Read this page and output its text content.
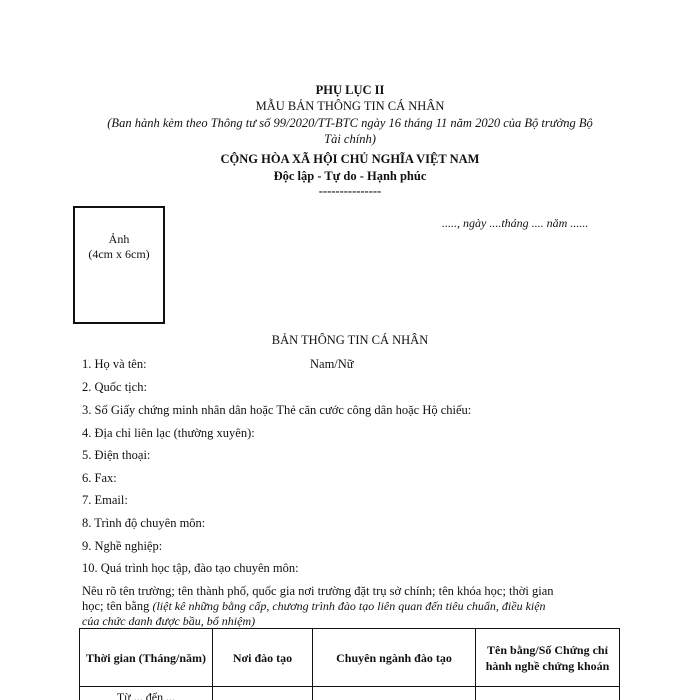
PHỤ LỤC II
MẪU BẢN THÔNG TIN CÁ NHÂN
(Ban hành kèm theo Thông tư số 99/2020/TT-BTC ngày 16 tháng 11 năm 2020 của Bộ trưởng Bộ
Tài chính)
CỘNG HÒA XÃ HỘI CHỦ NGHĨA VIỆT NAM
Độc lập - Tự do - Hạnh phúc
---------------
Ảnh
(4cm x 6cm)
....., ngày ....tháng .... năm ......
BẢN THÔNG TIN CÁ NHÂN
1. Họ và tên:	Nam/Nữ
2. Quốc tịch:
3. Số Giấy chứng minh nhân dân hoặc Thẻ căn cước công dân hoặc Hộ chiếu:
4. Địa chỉ liên lạc (thường xuyên):
5. Điện thoại:
6. Fax:
7. Email:
8. Trình độ chuyên môn:
9. Nghề nghiệp:
10. Quá trình học tập, đào tạo chuyên môn:
Nêu rõ tên trường; tên thành phố, quốc gia nơi trường đặt trụ sở chính; tên khóa học; thời gian
học; tên bằng (liệt kê những bằng cấp, chương trình đào tạo liên quan đến tiêu chuẩn, điều kiện
của chức danh được bầu, bổ nhiệm)
Thời gian (Tháng/năm)	Nơi đào tạo	Chuyên ngành đào tạo	Tên bằng/Số Chứng chỉ hành nghề chứng khoán
Từ ... đến ...			
